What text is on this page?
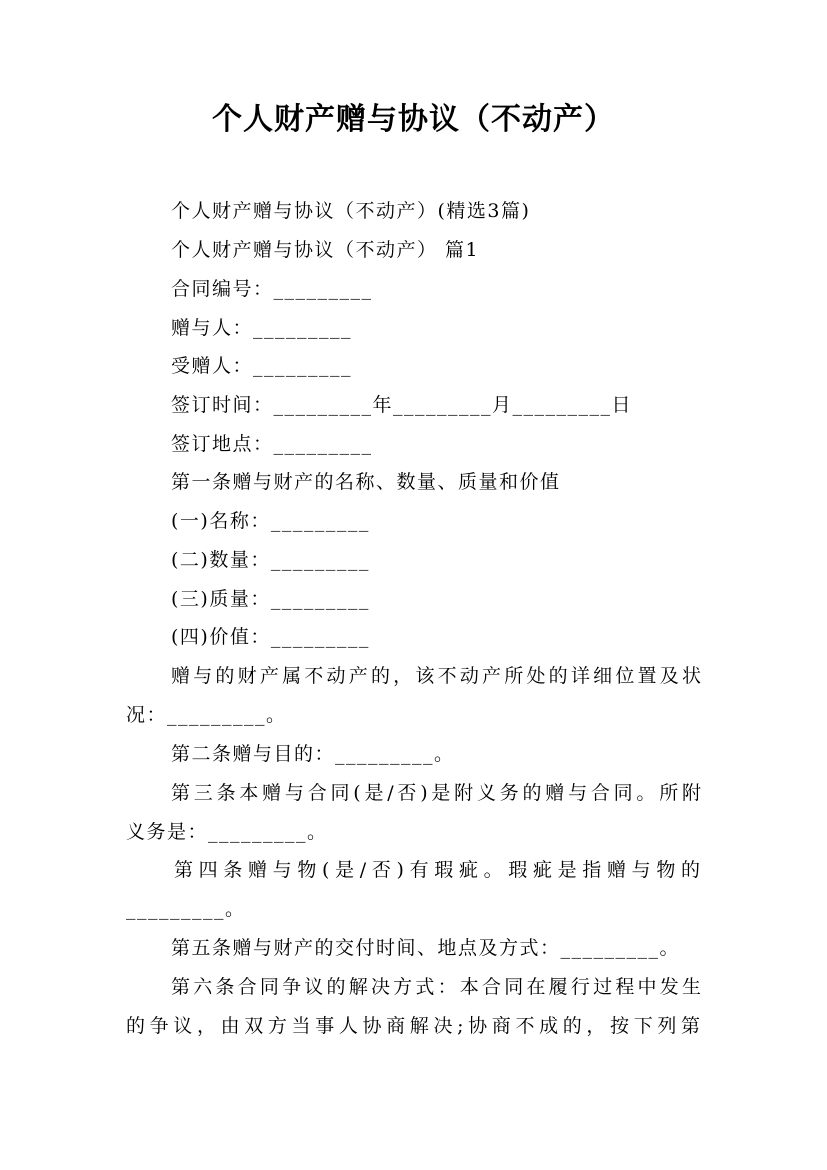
个人财产赠与协议（不动产）
个人财产赠与协议（不动产）(精选3篇)
个人财产赠与协议（不动产） 篇1
合同编号：_________
赠与人：_________
受赠人：_________
签订时间：_________年_________月_________日
签订地点：_________
第一条赠与财产的名称、数量、质量和价值
(一)名称：_________
(二)数量：_________
(三)质量：_________
(四)价值：_________
赠与的财产属不动产的，该不动产所处的详细位置及状
况：_________。
第二条赠与目的：_________。
第三条本赠与合同(是/否)是附义务的赠与合同。所附
义务是：_________。
第四条赠与物(是/否)有瑕疵。瑕疵是指赠与物的
_________。
第五条赠与财产的交付时间、地点及方式：_________。
第六条合同争议的解决方式：本合同在履行过程中发生
的争议，由双方当事人协商解决;协商不成的，按下列第
